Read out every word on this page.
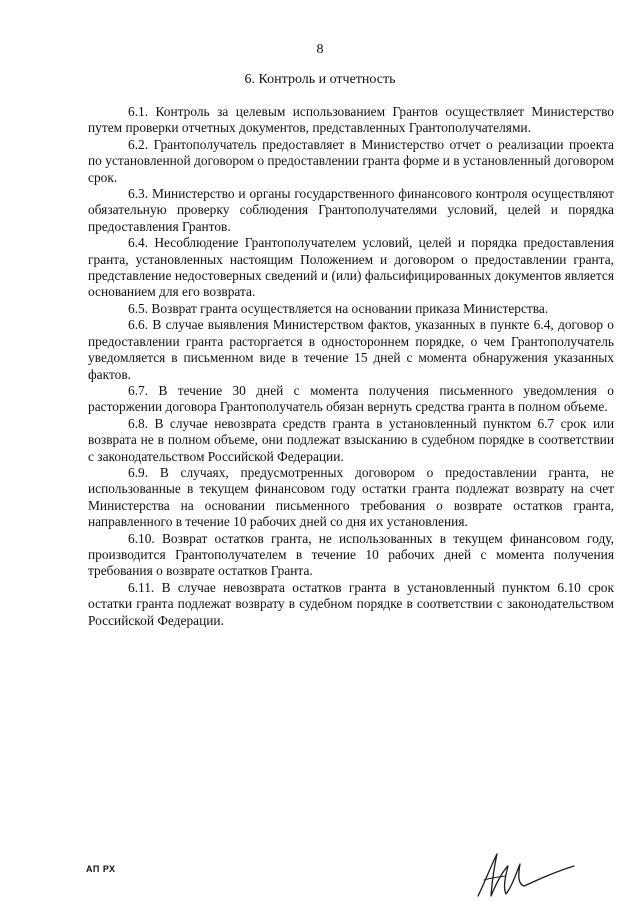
8
6. Контроль и отчетность

6.1. Контроль за целевым использованием Грантов осуществляет Министерство путем проверки отчетных документов, представленных Грантополучателями.

6.2. Грантополучатель предоставляет в Министерство отчет о реализации проекта по установленной договором о предоставлении гранта форме и в установленный договором срок.

6.3. Министерство и органы государственного финансового контроля осуществляют обязательную проверку соблюдения Грантополучателями условий, целей и порядка предоставления Грантов.

6.4. Несоблюдение Грантополучателем условий, целей и порядка предоставления гранта, установленных настоящим Положением и договором о предоставлении гранта, представление недостоверных сведений и (или) фальсифицированных документов является основанием для его возврата.

6.5. Возврат гранта осуществляется на основании приказа Министерства.

6.6. В случае выявления Министерством фактов, указанных в пункте 6.4, договор о предоставлении гранта расторгается в одностороннем порядке, о чем Грантополучатель уведомляется в письменном виде в течение 15 дней с момента обнаружения указанных фактов.

6.7. В течение 30 дней с момента получения письменного уведомления о расторжении договора Грантополучатель обязан вернуть средства гранта в полном объеме.

6.8. В случае невозврата средств гранта в установленный пунктом 6.7 срок или возврата не в полном объеме, они подлежат взысканию в судебном порядке в соответствии с законодательством Российской Федерации.

6.9. В случаях, предусмотренных договором о предоставлении гранта, не использованные в текущем финансовом году остатки гранта подлежат возврату на счет Министерства на основании письменного требования о возврате остатков гранта, направленного в течение 10 рабочих дней со дня их установления.

6.10. Возврат остатков гранта, не использованных в текущем финансовом году, производится Грантополучателем в течение 10 рабочих дней с момента получения требования о возврате остатков Гранта.

6.11. В случае невозврата остатков гранта в установленный пунктом 6.10 срок остатки гранта подлежат возврату в судебном порядке в соответствии с законодательством Российской Федерации.

АП РХ
